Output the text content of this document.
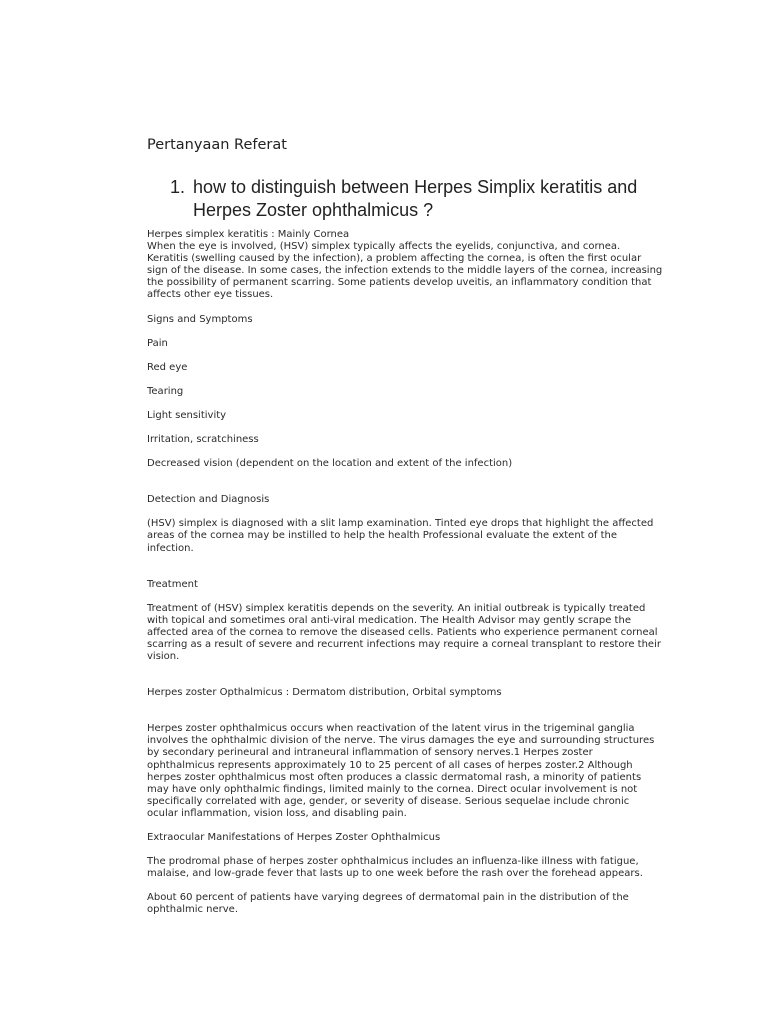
Pertanyaan Referat
1. how to distinguish between Herpes Simplix keratitis and Herpes Zoster ophthalmicus ?

Herpes simplex keratitis : Mainly Cornea

When the eye is involved, (HSV) simplex typically affects the eyelids, conjunctiva, and cornea. Keratitis (swelling caused by the infection), a problem affecting the cornea, is often the first ocular sign of the disease. In some cases, the infection extends to the middle layers of the cornea, increasing the possibility of permanent scarring. Some patients develop uveitis, an inflammatory condition that affects other eye tissues.

Signs and Symptoms

Pain

Red eye

Tearing

Light sensitivity

Irritation, scratchiness

Decreased vision (dependent on the location and extent of the infection)

Detection and Diagnosis

(HSV) simplex is diagnosed with a slit lamp examination. Tinted eye drops that highlight the affected areas of the cornea may be instilled to help the health Professional evaluate the extent of the infection.

Treatment

Treatment of (HSV) simplex keratitis depends on the severity. An initial outbreak is typically treated with topical and sometimes oral anti-viral medication. The Health Advisor may gently scrape the affected area of the cornea to remove the diseased cells. Patients who experience permanent corneal scarring as a result of severe and recurrent infections may require a corneal transplant to restore their vision.

Herpes zoster Opthalmicus : Dermatom distribution, Orbital symptoms

Herpes zoster ophthalmicus occurs when reactivation of the latent virus in the trigeminal ganglia involves the ophthalmic division of the nerve. The virus damages the eye and surrounding structures by secondary perineural and intraneural inflammation of sensory nerves.1 Herpes zoster ophthalmicus represents approximately 10 to 25 percent of all cases of herpes zoster.2 Although herpes zoster ophthalmicus most often produces a classic dermatomal rash, a minority of patients may have only ophthalmic findings, limited mainly to the cornea. Direct ocular involvement is not specifically correlated with age, gender, or severity of disease. Serious sequelae include chronic ocular inflammation, vision loss, and disabling pain.

Extraocular Manifestations of Herpes Zoster Ophthalmicus

The prodromal phase of herpes zoster ophthalmicus includes an influenza-like illness with fatigue, malaise, and low-grade fever that lasts up to one week before the rash over the forehead appears.

About 60 percent of patients have varying degrees of dermatomal pain in the distribution of the ophthalmic nerve.
